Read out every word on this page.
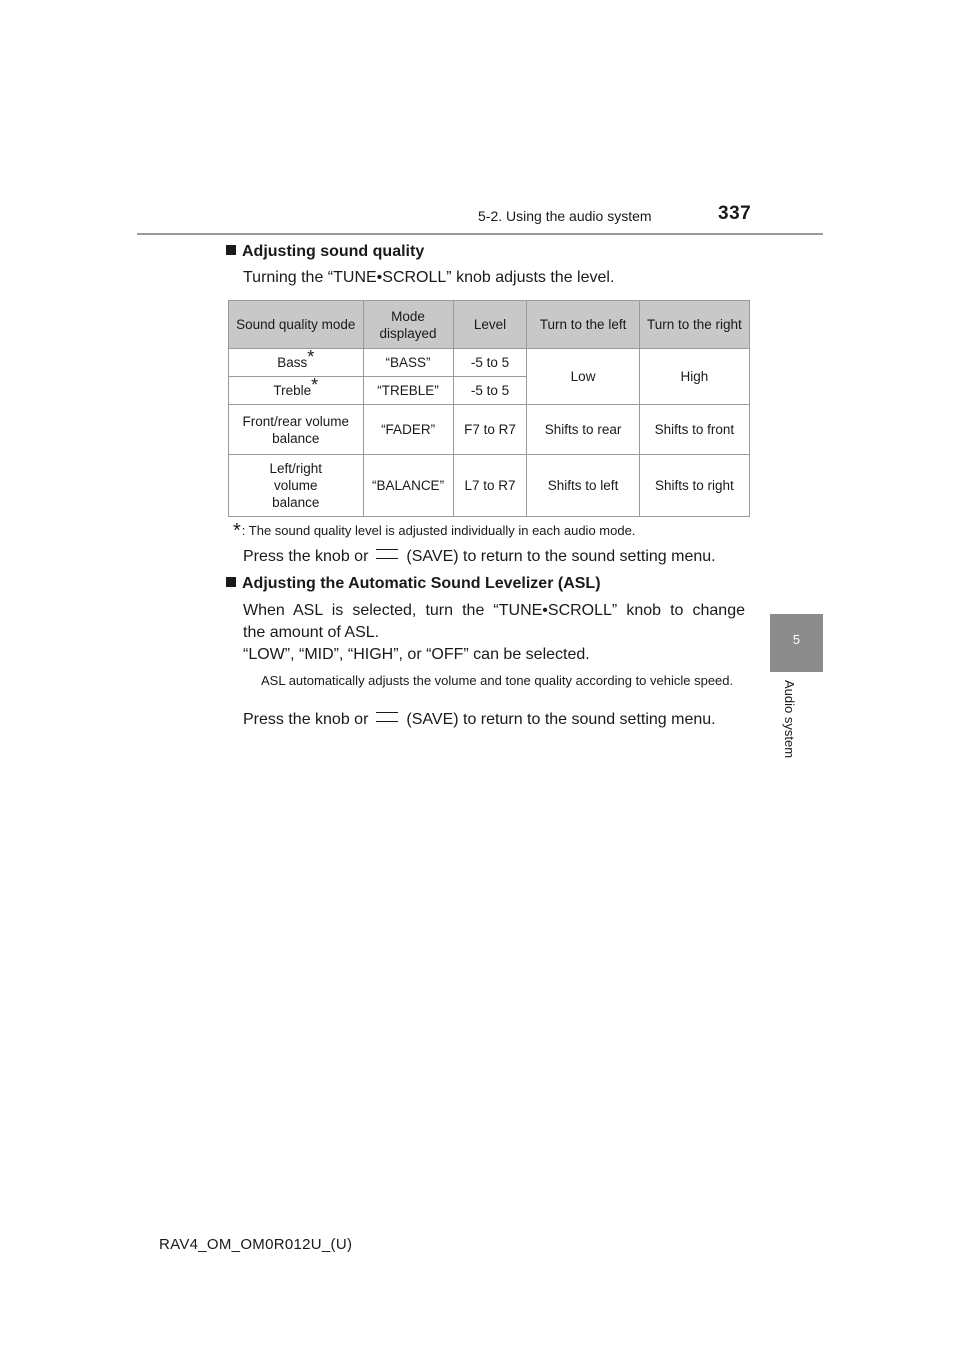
5-2. Using the audio system	337
5
Audio system
Adjusting sound quality
Turning the “TUNE•SCROLL” knob adjusts the level.
Sound quality mode	Mode displayed	Level	Turn to the left	Turn to the right
Bass*	“BASS”	-5 to 5	Low	High
Treble*	“TREBLE”	-5 to 5		
Front/rear volume balance	“FADER”	F7 to R7	Shifts to rear	Shifts to front
Left/right volume balance	“BALANCE”	L7 to R7	Shifts to left	Shifts to right
*: The sound quality level is adjusted individually in each audio mode.
Press the knob or (SAVE) to return to the sound setting menu.
Adjusting the Automatic Sound Levelizer (ASL)
When ASL is selected, turn the “TUNE•SCROLL” knob to change
the amount of ASL.
“LOW”, “MID”, “HIGH”, or “OFF” can be selected.
ASL automatically adjusts the volume and tone quality according to vehicle speed.
Press the knob or (SAVE) to return to the sound setting menu.
RAV4_OM_OM0R012U_(U)
